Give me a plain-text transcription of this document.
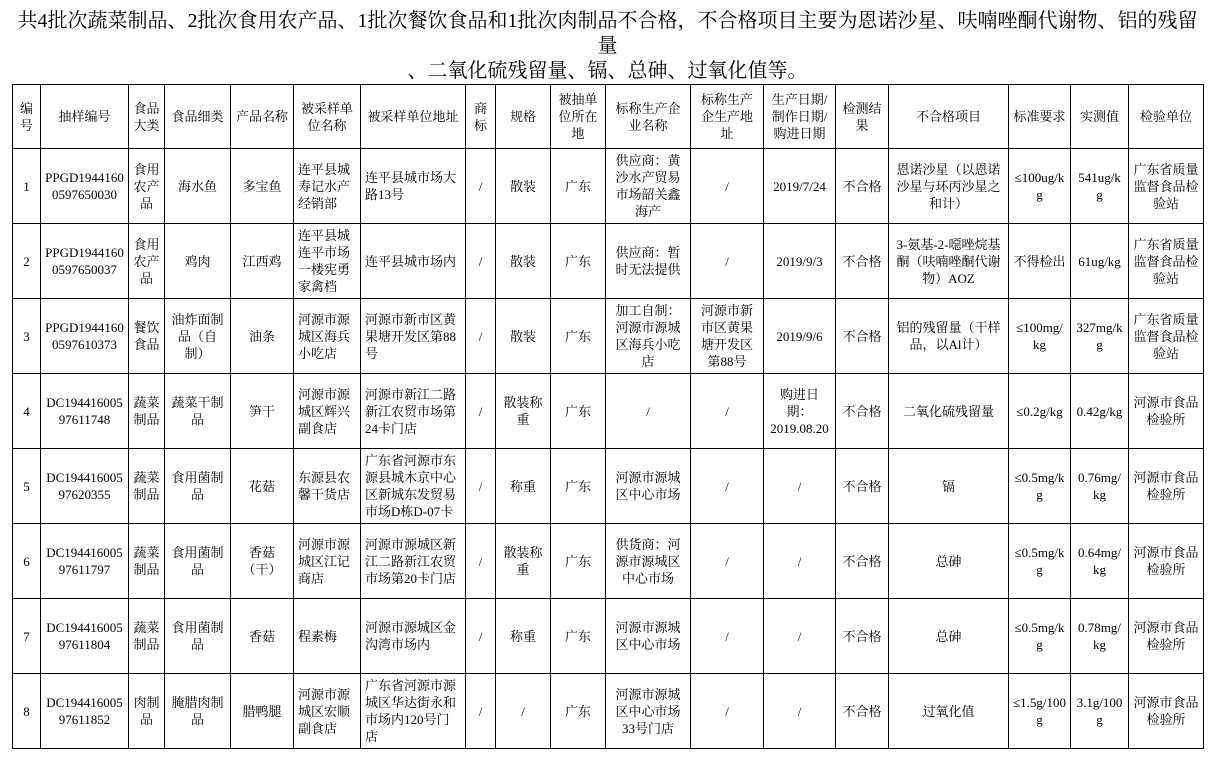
共4批次蔬菜制品、2批次食用农产品、1批次餐饮食品和1批次肉制品不合格，不合格项目主要为恩诺沙星、呋喃唑酮代谢物、铝的残留量
、二氧化硫残留量、镉、总砷、过氧化值等。
编号	抽样编号	食品大类	食品细类	产品名称	被采样单位名称	被采样单位地址	商标	规格	被抽单位所在地	标称生产企业名称	标称生产企生产地址	生产日期/制作日期/购进日期	检测结果	不合格项目	标准要求	实测值	检验单位
1	PPGD19441600597650030	食用农产品	海水鱼	多宝鱼	连平县城寿记水产经销部	连平县城市场大路13号	/	散装	广东	供应商：黄沙水产贸易市场韶关鑫海产	/	2019/7/24	不合格	恩诺沙星（以恩诺沙星与环丙沙星之和计）	≤100ug/kg	541ug/kg	广东省质量监督食品检验站
2	PPGD19441600597650037	食用农产品	鸡肉	江西鸡	连平县城连平市场一楼宪勇家禽档	连平县城市场内	/	散装	广东	供应商：暂时无法提供	/	2019/9/3	不合格	3-氨基-2-噁唑烷基酮（呋喃唑酮代谢物）AOZ	不得检出	61ug/kg	广东省质量监督食品检验站
3	PPGD19441600597610373	餐饮食品	油炸面制品（自制）	油条	河源市源城区海兵小吃店	河源市新市区黄果塘开发区第88号	/	散装	广东	加工自制：河源市源城区海兵小吃店	河源市新市区黄果塘开发区第88号	2019/9/6	不合格	铝的残留量（干样品，以Al计）	≤100mg/kg	327mg/kg	广东省质量监督食品检验站
4	DC19441600597611748	蔬菜制品	蔬菜干制品	笋干	河源市源城区辉兴副食店	河源市新江二路新江农贸市场第24卡门店	/	散装称重	广东	/	/	购进日期：2019.08.20	不合格	二氧化硫残留量	≤0.2g/kg	0.42g/kg	河源市食品检验所
5	DC19441600597620355	蔬菜制品	食用菌制品	花菇	东源县农馨干货店	广东省河源市东源县城木京中心区新城东发贸易市场D栋D-07卡	/	称重	广东	河源市源城区中心市场	/	/	不合格	镉	≤0.5mg/kg	0.76mg/kg	河源市食品检验所
6	DC19441600597611797	蔬菜制品	食用菌制品	香菇（干）	河源市源城区江记商店	河源市源城区新江二路新江农贸市场第20卡门店	/	散装称重	广东	供货商：河源市源城区中心市场	/	/	不合格	总砷	≤0.5mg/kg	0.64mg/kg	河源市食品检验所
7	DC19441600597611804	蔬菜制品	食用菌制品	香菇	程素梅	河源市源城区金沟湾市场内	/	称重	广东	河源市源城区中心市场	/	/	不合格	总砷	≤0.5mg/kg	0.78mg/kg	河源市食品检验所
8	DC19441600597611852	肉制品	腌腊肉制品	腊鸭腿	河源市源城区宏顺副食店	广东省河源市源城区华达街永和市场内120号门店	/	/	广东	河源市源城区中心市场33号门店	/	/	不合格	过氧化值	≤1.5g/100g	3.1g/100g	河源市食品检验所
